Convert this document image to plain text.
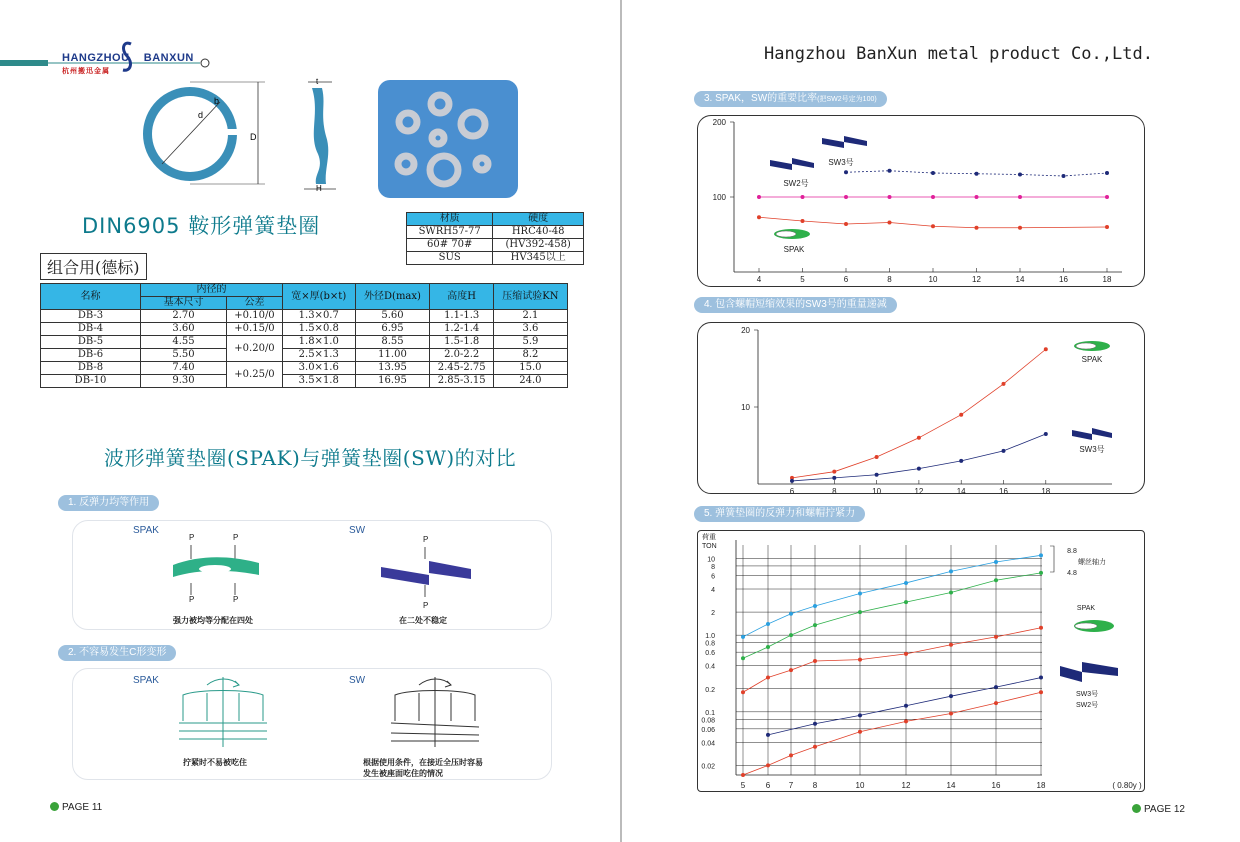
HANGZHOU BANXUN
杭州搬迅金属
D
d
b
t
H
DIN6905 鞍形弹簧垫圈	材质	硬度
SWRH57-77	HRC40-48
60# 70#	(HV392-458)
SUS	HV345以上
组合用(德标)
名称	内径的		宽×厚(b×t)	外径D(max)	高度H	压缩试验KN
	基本尺寸	公差				
DB-3	2.70	+0.10/0	1.3×0.7	5.60	1.1-1.3	2.1
DB-4	3.60	+0.15/0	1.5×0.8	6.95	1.2-1.4	3.6
DB-5	4.55	+0.20/0	1.8×1.0	8.55	1.5-1.8	5.9
DB-6	5.50		2.5×1.3	11.00	2.0-2.2	8.2
DB-8	7.40	+0.25/0	3.0×1.6	13.95	2.45-2.75	15.0
DB-10	9.30		3.5×1.8	16.95	2.85-3.15	24.0
波形弹簧垫圈(SPAK)与弹簧垫圈(SW)的对比
1. 反弹力均等作用
SPAK	SW
P	P
P	P
P
P
强力被均等分配在四处	在二处不稳定
2. 不容易发生C形变形
SPAK	SW
拧紧时不易被吃住	根据使用条件，在接近全压时容易
发生被座面吃住的情况
PAGE 11
Hangzhou BanXun metal product Co.,Ltd.
3. SPAK，SW的重要比率(把SW2号定为100)
4. 包含螺帽短缩效果的SW3号的重量递减
5. 弹簧垫圈的反弹力和螺帽拧紧力
PAGE 12
4	5	6	8	10	12	14	16	18
100
200
SW3号
SW2号
SPAK
6	8	10	12	14	16	18
10
20
SPAK
SW3号
10
8
6
4
2
1.0
0.8
0.6
0.4
0.2
0.1
0.08
0.06
0.04
0.02
5	6 7 8	10	12	14	16	18
荷重
TON
( 0.80y )
8.8
4.8
螺丝轴力
SPAK
SW3号
SW2号
